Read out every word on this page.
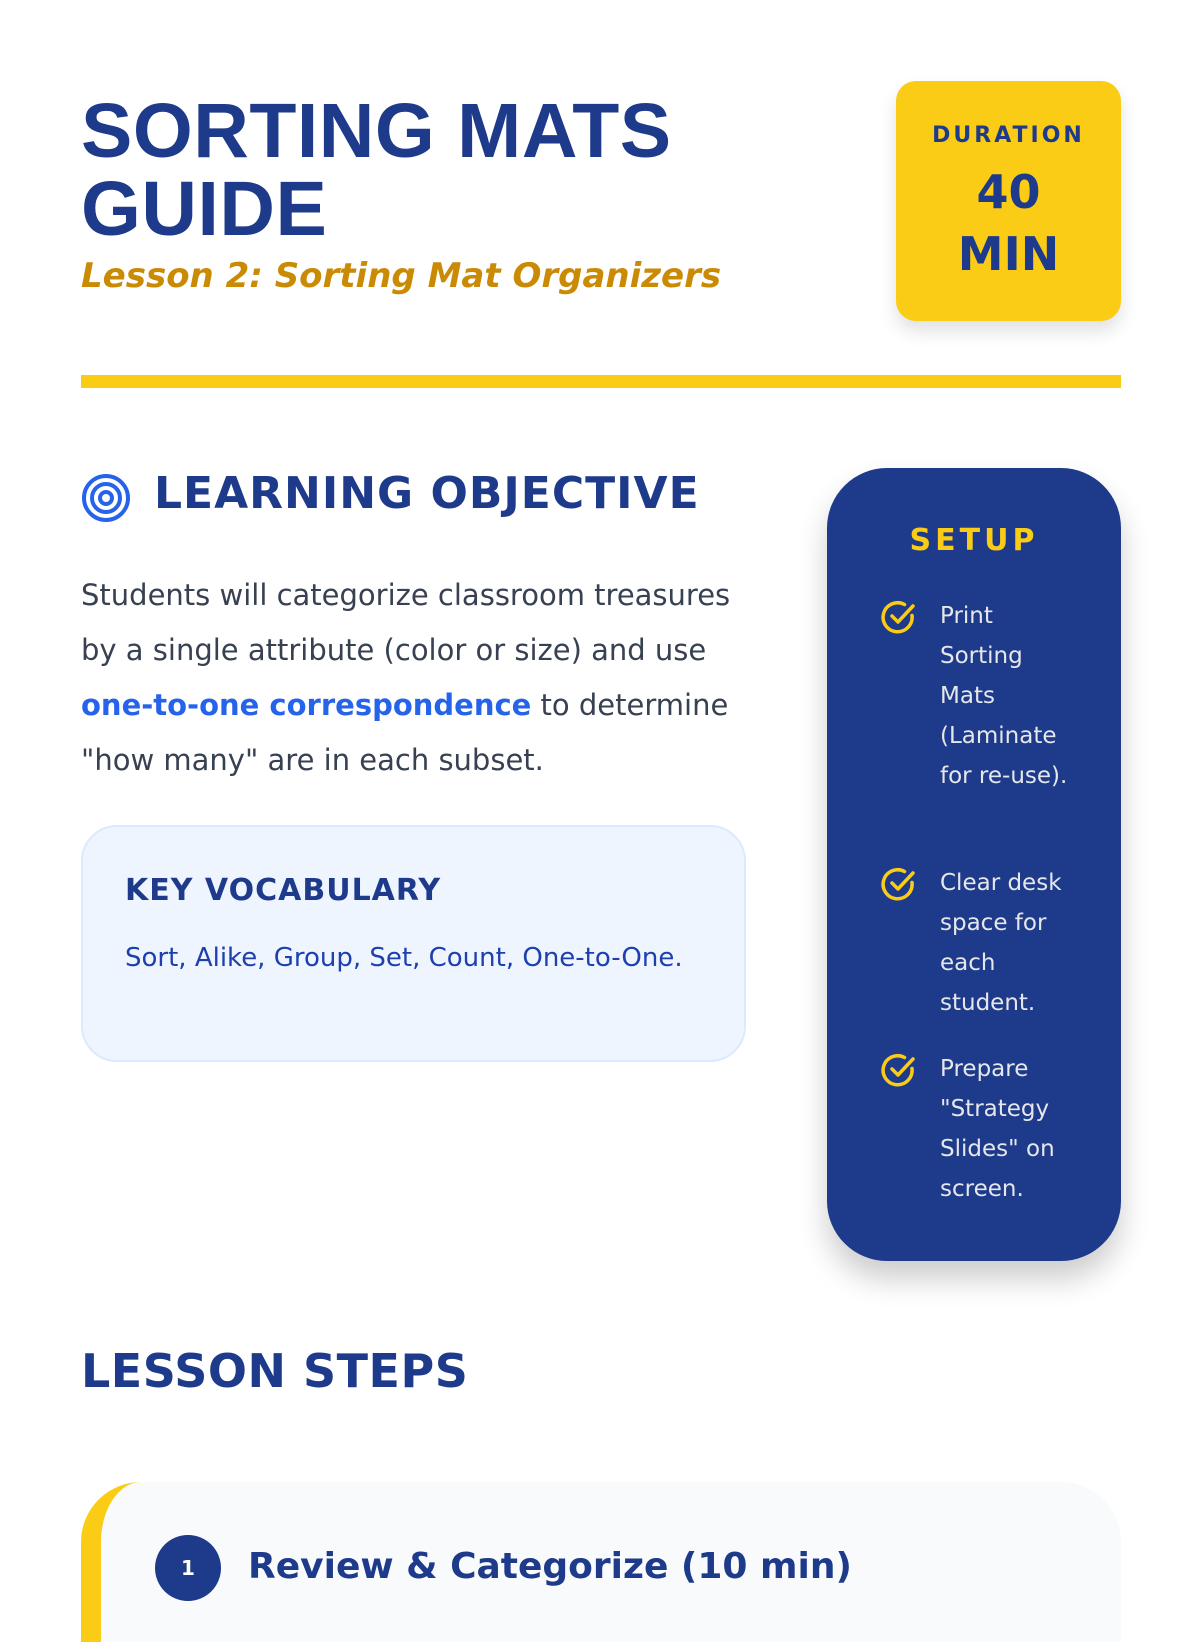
SORTING MATS GUIDE

Lesson 2: Sorting Mat Organizers

DURATION
40 MIN
LEARNING OBJECTIVE

Students will categorize classroom treasures by a single attribute (color or size) and use one-to-one correspondence to determine "how many" are in each subset.

KEY VOCABULARY
Sort, Alike, Group, Set, Count, One-to-One.
SETUP
Print Sorting Mats (Laminate for re-use).
Clear desk space for each student.
Prepare "Strategy Slides" on screen.
LESSON STEPS
1	Review & Categorize (10 min)
